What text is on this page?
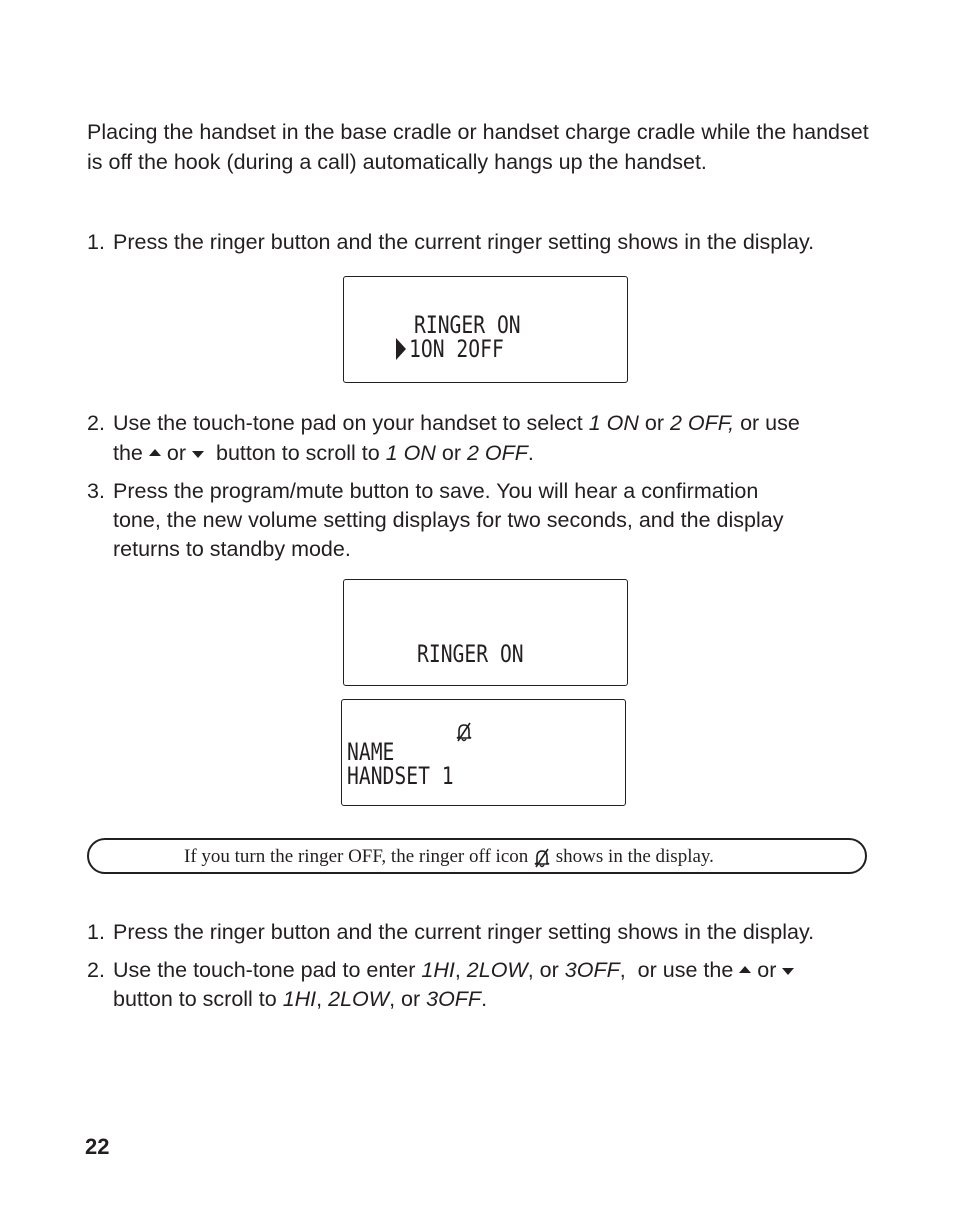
Placing the handset in the base cradle or handset charge cradle while the handset is off the hook (during a call) automatically hangs up the handset.
1. Press the ringer button and the current ringer setting shows in the display.
RINGER ON
1ON 2OFF
2. Use the touch-tone pad on your handset to select 1 ON or 2 OFF, or use
the or button to scroll to 1 ON or 2 OFF.
3. Press the program/mute button to save. You will hear a confirmation
tone, the new volume setting displays for two seconds, and the display
returns to standby mode.
RINGER ON
NAME
HANDSET 1
If you turn the ringer OFF, the ringer off icon shows in the display.
1. Press the ringer button and the current ringer setting shows in the display.
2. Use the touch-tone pad to enter 1HI, 2LOW, or 3OFF,  or use the or
button to scroll to 1HI, 2LOW, or 3OFF.
22
